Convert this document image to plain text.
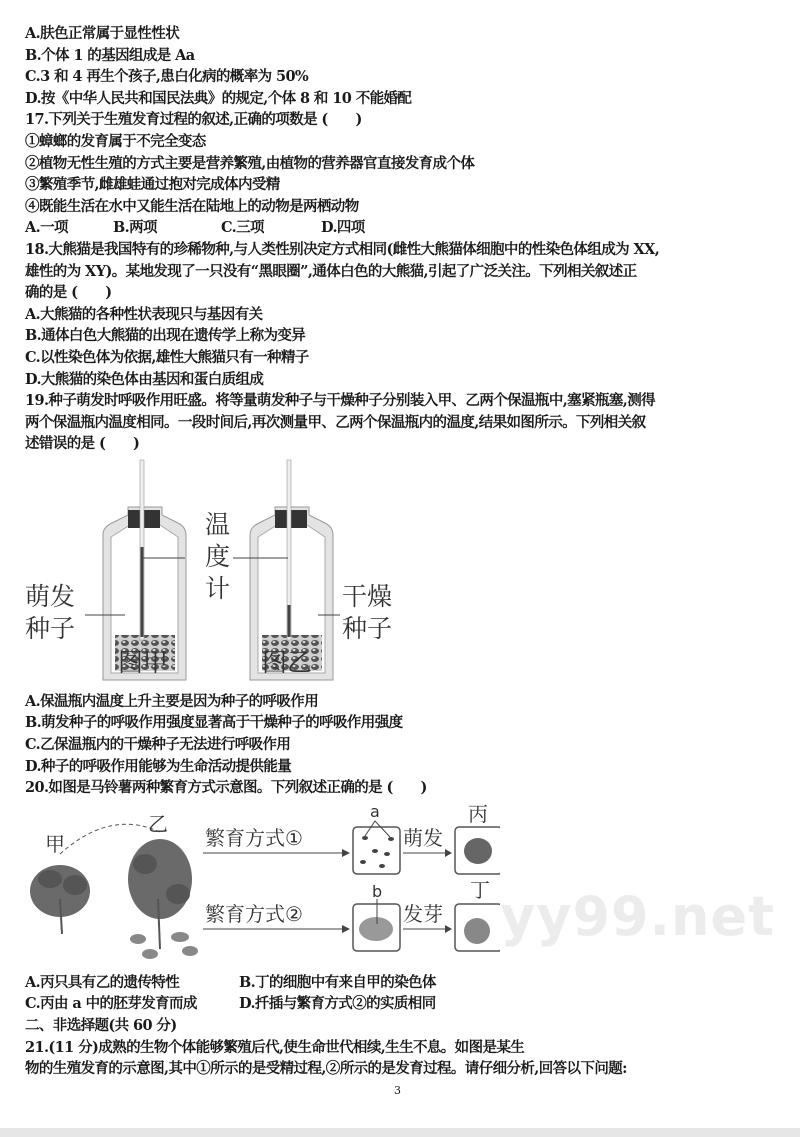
yy99.net
A.肤色正常属于显性性状
B.个体 1 的基因组成是 Aa
C.3 和 4 再生个孩子,患白化病的概率为 50%
D.按《中华人民共和国民法典》的规定,个体 8 和 10 不能婚配
17.下列关于生殖发育过程的叙述,正确的项数是 (　　)
①蟑螂的发育属于不完全变态
②植物无性生殖的方式主要是营养繁殖,由植物的营养器官直接发育成个体
③繁殖季节,雌雄蛙通过抱对完成体内受精
④既能生活在水中又能生活在陆地上的动物是两栖动物
A.一项	B.两项	C.三项	D.四项
18.大熊猫是我国特有的珍稀物种,与人类性别决定方式相同(雌性大熊猫体细胞中的性染色体组成为 XX,
雄性的为 XY)。某地发现了一只没有“黑眼圈”,通体白色的大熊猫,引起了广泛关注。下列相关叙述正
确的是 (　　)
A.大熊猫的各种性状表现只与基因有关
B.通体白色大熊猫的出现在遗传学上称为变异
C.以性染色体为依据,雄性大熊猫只有一种精子
D.大熊猫的染色体由基因和蛋白质组成
19.种子萌发时呼吸作用旺盛。将等量萌发种子与干燥种子分别装入甲、乙两个保温瓶中,塞紧瓶塞,测得
两个保温瓶内温度相同。一段时间后,再次测量甲、乙两个保温瓶内的温度,结果如图所示。下列相关叙
述错误的是 (　　)
温
度
计
萌发
种子
干燥
种子
图甲	图乙
A.保温瓶内温度上升主要是因为种子的呼吸作用
B.萌发种子的呼吸作用强度显著高于干燥种子的呼吸作用强度
C.乙保温瓶内的干燥种子无法进行呼吸作用
D.种子的呼吸作用能够为生命活动提供能量
20.如图是马铃薯两种繁育方式示意图。下列叙述正确的是 (　　)
甲
乙
繁育方式①
繁育方式②
a
b
萌发
发芽
丙
丁
A.丙只具有乙的遗传特性	B.丁的细胞中有来自甲的染色体
C.丙由 a 中的胚芽发育而成	D.扦插与繁育方式②的实质相同
二、非选择题(共 60 分)
21.(11 分)成熟的生物个体能够繁殖后代,使生命世代相续,生生不息。如图是某生
物的生殖发育的示意图,其中①所示的是受精过程,②所示的是发育过程。请仔细分析,回答以下问题:
3
